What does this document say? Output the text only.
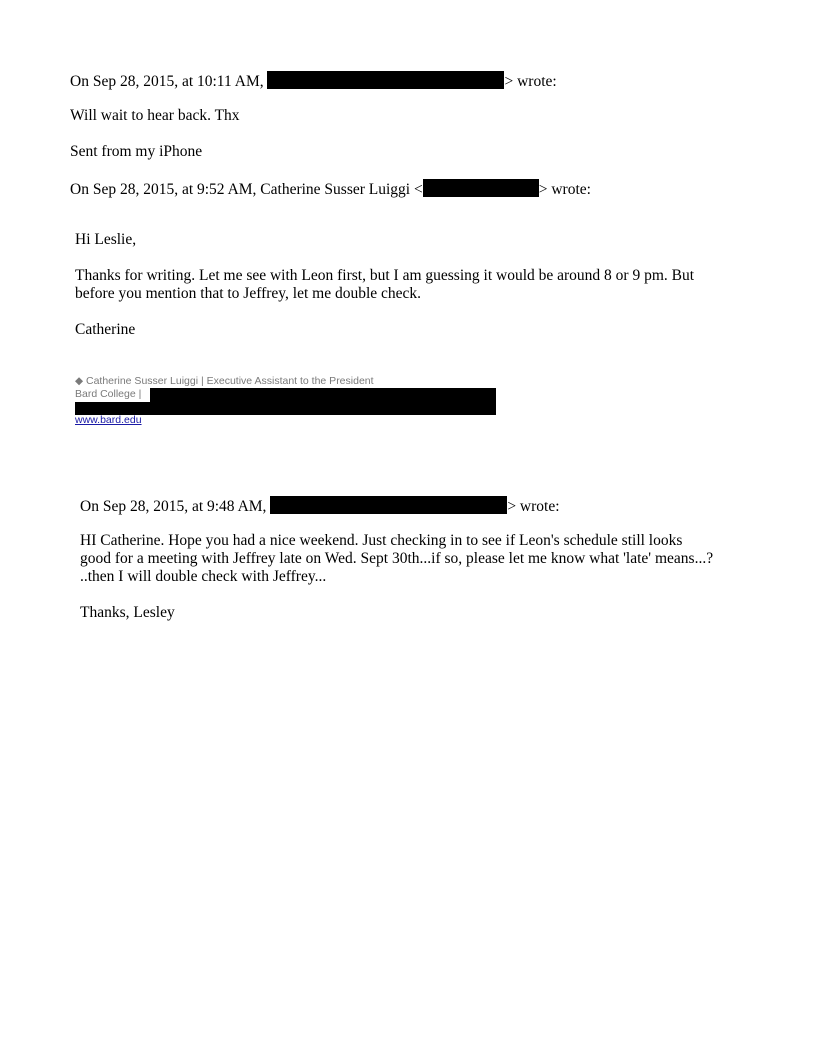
On Sep 28, 2015, at 10:11 AM,	> wrote:
Will wait to hear back. Thx
Sent from my iPhone
On Sep 28, 2015, at 9:52 AM, Catherine Susser Luiggi <	> wrote:
Hi Leslie,
Thanks for writing. Let me see with Leon first, but I am guessing it would be around 8 or 9 pm. But
before you mention that to Jeffrey, let me double check.
Catherine
◆ Catherine Susser Luiggi | Executive Assistant to the President
Bard College |
www.bard.edu
On Sep 28, 2015, at 9:48 AM,	> wrote:
HI Catherine. Hope you had a nice weekend. Just checking in to see if Leon's schedule still looks
good for a meeting with Jeffrey late on Wed. Sept 30th...if so, please let me know what 'late' means...?
..then I will double check with Jeffrey...
Thanks, Lesley
